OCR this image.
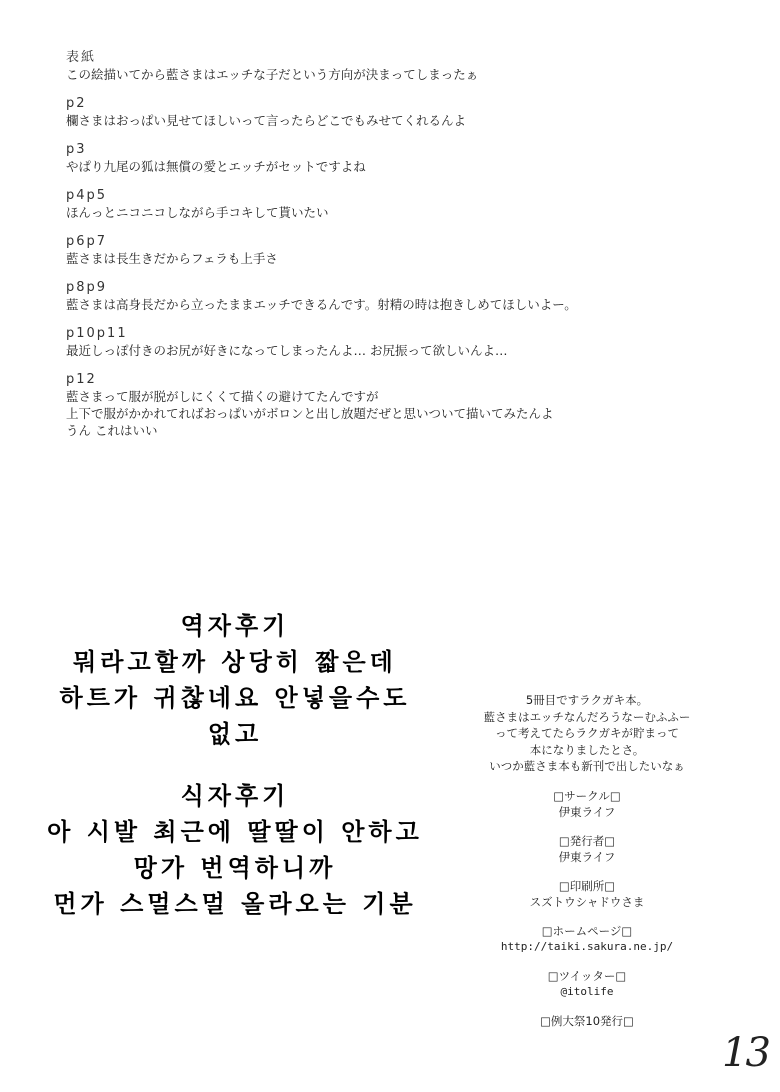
表紙
この絵描いてから藍さまはエッチな子だという方向が決まってしまったぁ
p2
欄さまはおっぱい見せてほしいって言ったらどこでもみせてくれるんよ
p3
やぱり九尾の狐は無償の愛とエッチがセットですよね
p4p5
ほんっとニコニコしながら手コキして貰いたい
p6p7
藍さまは長生きだからフェラも上手さ
p8p9
藍さまは高身長だから立ったままエッチできるんです。射精の時は抱きしめてほしいよー。
p10p11
最近しっぽ付きのお尻が好きになってしまったんよ… お尻振って欲しいんよ…
p12
藍さまって服が脱がしにくくて描くの避けてたんですが
上下で服がかかれてればおっぱいがボロンと出し放題だぜと思いついて描いてみたんよ
うん これはいい
역자후기
뭐라고할까 상당히 짧은데
하트가 귀찮네요 안넣을수도
없고
식자후기
아 시발 최근에 딸딸이 안하고
망가 번역하니까
먼가 스멀스멀 올라오는 기분
5冊目ですラクガキ本。
藍さまはエッチなんだろうなーむふふー
って考えてたらラクガキが貯まって
本になりましたとさ。
いつか藍さま本も新刊で出したいなぁ
□サークル□
伊東ライフ
□発行者□
伊東ライフ
□印刷所□
スズトウシャドウさま
□ホームページ□
http://taiki.sakura.ne.jp/
□ツイッター□
@itolife
□例大祭10発行□
13
